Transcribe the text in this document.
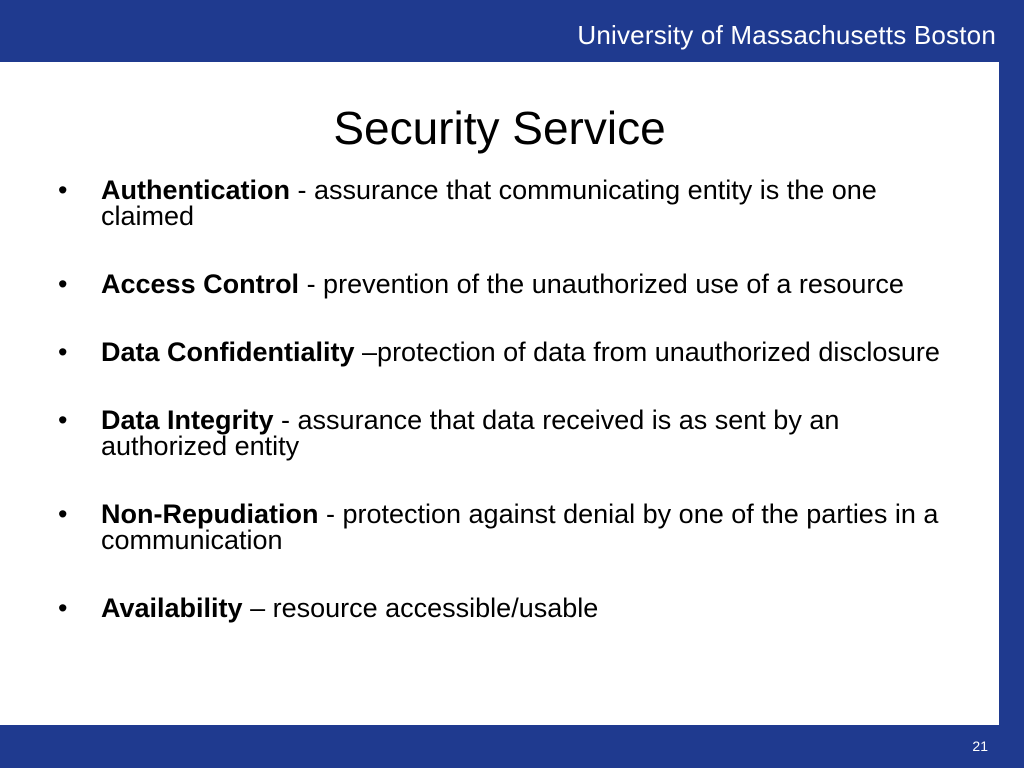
University of Massachusetts Boston
Security Service
•	Authentication - assurance that communicating entity is the one claimed
•	Access Control - prevention of the unauthorized use of a resource
•	Data Confidentiality –protection of data from unauthorized disclosure
•	Data Integrity - assurance that data received is as sent by an authorized entity
•	Non-Repudiation - protection against denial by one of the parties in a communication
•	Availability – resource accessible/usable
21
